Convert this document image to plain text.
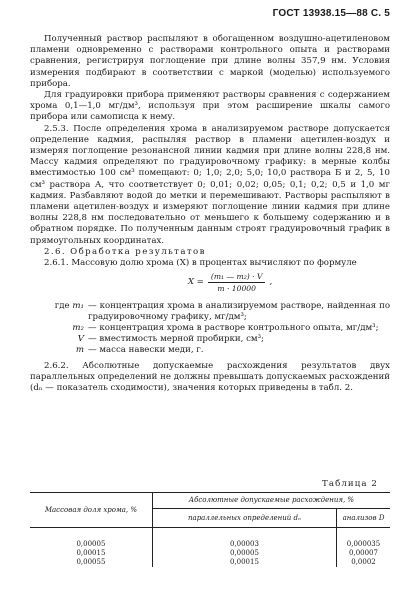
ГОСТ 13938.15—88 С. 5

Полученный раствор распыляют в обогащенном воздушно-ацетиленовом пламени одновременно с растворами контрольного опыта и растворами сравнения, регистрируя поглощение при длине волны 357,9 нм. Условия измерения подбирают в соответствии с маркой (моделью) используемого прибора.

Для градуировки прибора применяют растворы сравнения с содержанием хрома 0,1—1,0 мг/дм³, используя при этом расширение шкалы самого прибора или самописца к нему.

2.5.3. После определения хрома в анализируемом растворе допускается определение кадмия, распыляя раствор в пламени ацетилен-воздух и измеряя поглощение резонансной линии кадмия при длине волны 228,8 нм. Массу кадмия определяют по градуировочному графику: в мерные колбы вместимостью 100 см³ помещают: 0; 1,0; 2,0; 5,0; 10,0 раствора Б и 2, 5, 10 см³ раствора А, что соответствует 0; 0,01; 0,02; 0,05; 0,1; 0,2; 0,5 и 1,0 мг кадмия. Разбавляют водой до метки и перемешивают. Растворы распыляют в пламени ацетилен-воздух и измеряют поглощение линии кадмия при длине волны 228,8 нм последовательно от меньшего к большему содержанию и в обратном порядке. По полученным данным строят градуировочный график в прямоугольных координатах.

2.6. Обработка результатов

2.6.1. Массовую долю хрома (X) в процентах вычисляют по формуле

$X = \frac{\text{(m₁ — m₂) · V}}{m \cdot 10000}$ ,
где m₁ — концентрация хрома в анализируемом растворе, найденная по градуировочному графику, мг/дм³;
m₂ — концентрация хрома в растворе контрольного опыта, мг/дм³;
V — вместимость мерной пробирки, см³;
m — масса навески меди, г.

2.6.2. Абсолютные допускаемые расхождения результатов двух параллельных определений не должны превышать допускаемых расхождений (dₙ — показатель сходимости), значения которых приведены в табл. 2.

Таблица 2
Массовая доля хрома, %	Абсолютные допускаемые расхождения, %	
	параллельных определений dₙ	анализов D
0,00005	0,00003	0,000035
0,00015	0,00005	0,00007
0,00055	0,00015	0,0002
